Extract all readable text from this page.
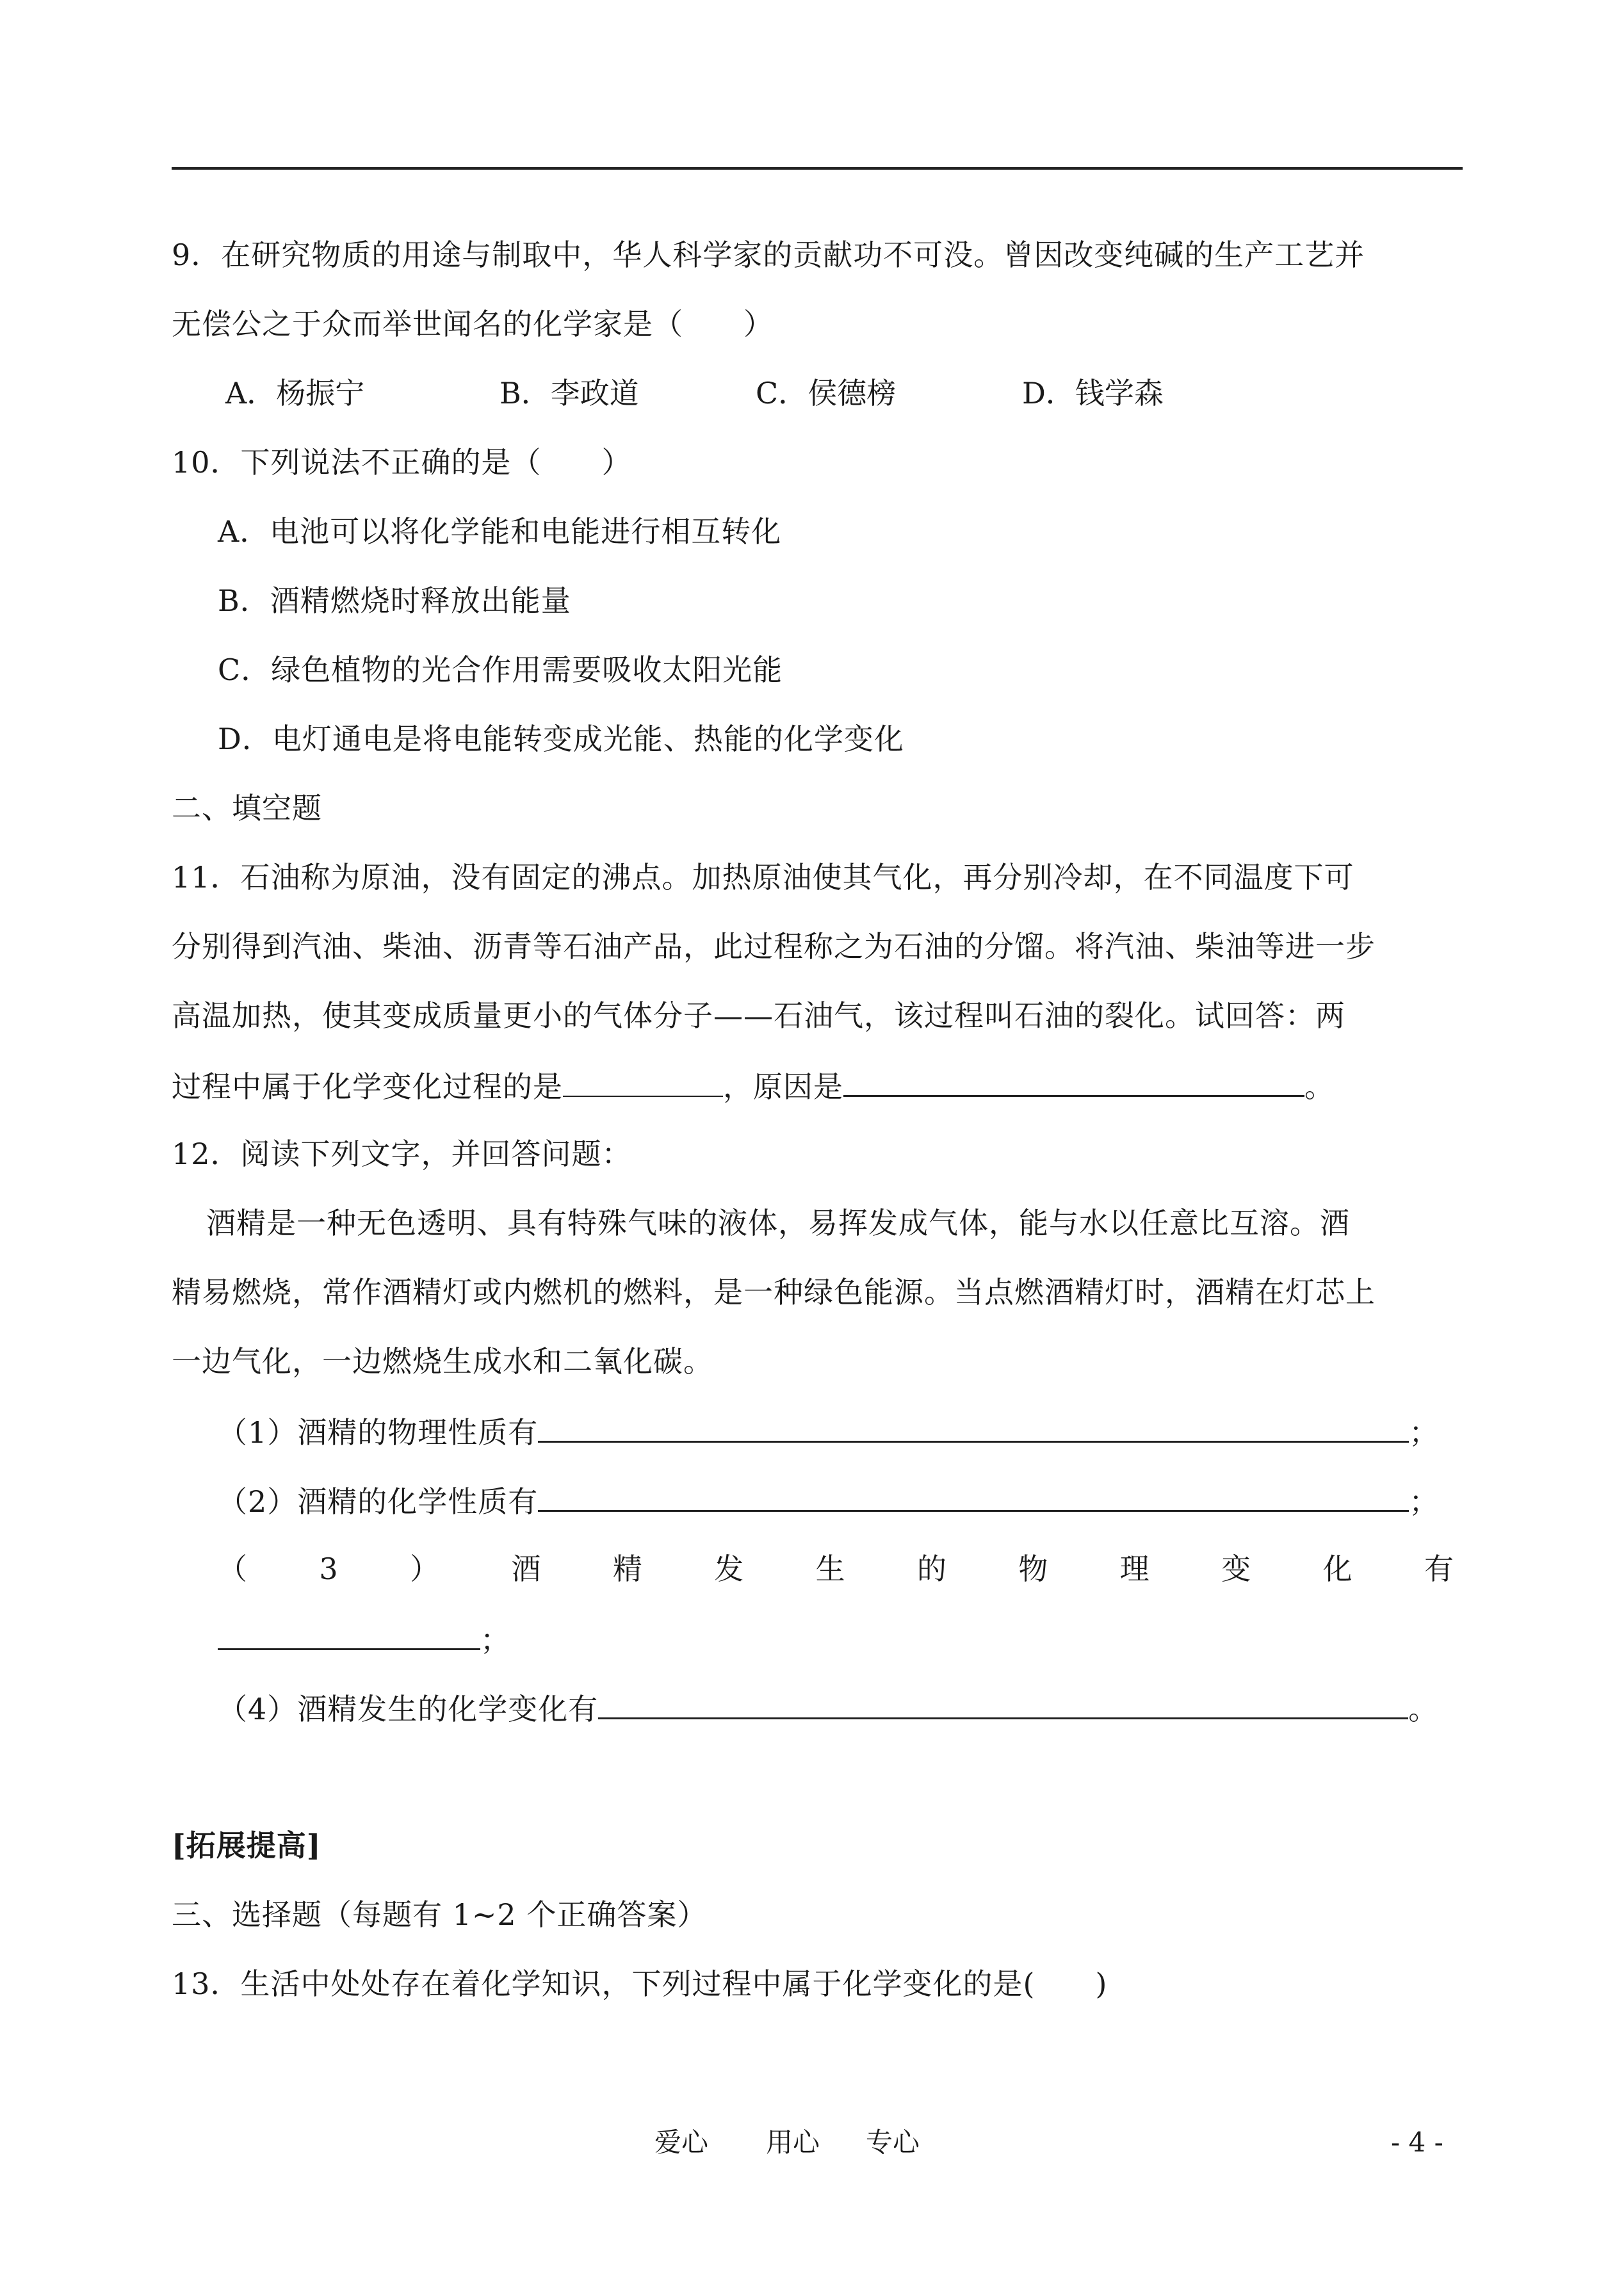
9．在研究物质的用途与制取中，华人科学家的贡献功不可没。曾因改变纯碱的生产工艺并
无偿公之于众而举世闻名的化学家是（　　）
A．杨振宁	B．李政道	C．侯德榜	D．钱学森
10．下列说法不正确的是（　　）
A．电池可以将化学能和电能进行相互转化
B．酒精燃烧时释放出能量
C．绿色植物的光合作用需要吸收太阳光能
D．电灯通电是将电能转变成光能、热能的化学变化
二、填空题
11．石油称为原油，没有固定的沸点。加热原油使其气化，再分别冷却，在不同温度下可
分别得到汽油、柴油、沥青等石油产品，此过程称之为石油的分馏。将汽油、柴油等进一步
高温加热，使其变成质量更小的气体分子——石油气，该过程叫石油的裂化。试回答：两
过程中属于化学变化过程的是	，原因是	。
12．阅读下列文字，并回答问题：
酒精是一种无色透明、具有特殊气味的液体，易挥发成气体，能与水以任意比互溶。酒
精易燃烧，常作酒精灯或内燃机的燃料，是一种绿色能源。当点燃酒精灯时，酒精在灯芯上
一边气化，一边燃烧生成水和二氧化碳。
（1）酒精的物理性质有	；
（2）酒精的化学性质有	；
（ 3 ） 酒 精 发 生 的 物 理 变 化 有
；
（4）酒精发生的化学变化有	。
[拓展提高]
三、选择题（每题有 1~2 个正确答案）
13．生活中处处存在着化学知识，下列过程中属于化学变化的是(　　)
爱心 用心 专心	- 4 -
